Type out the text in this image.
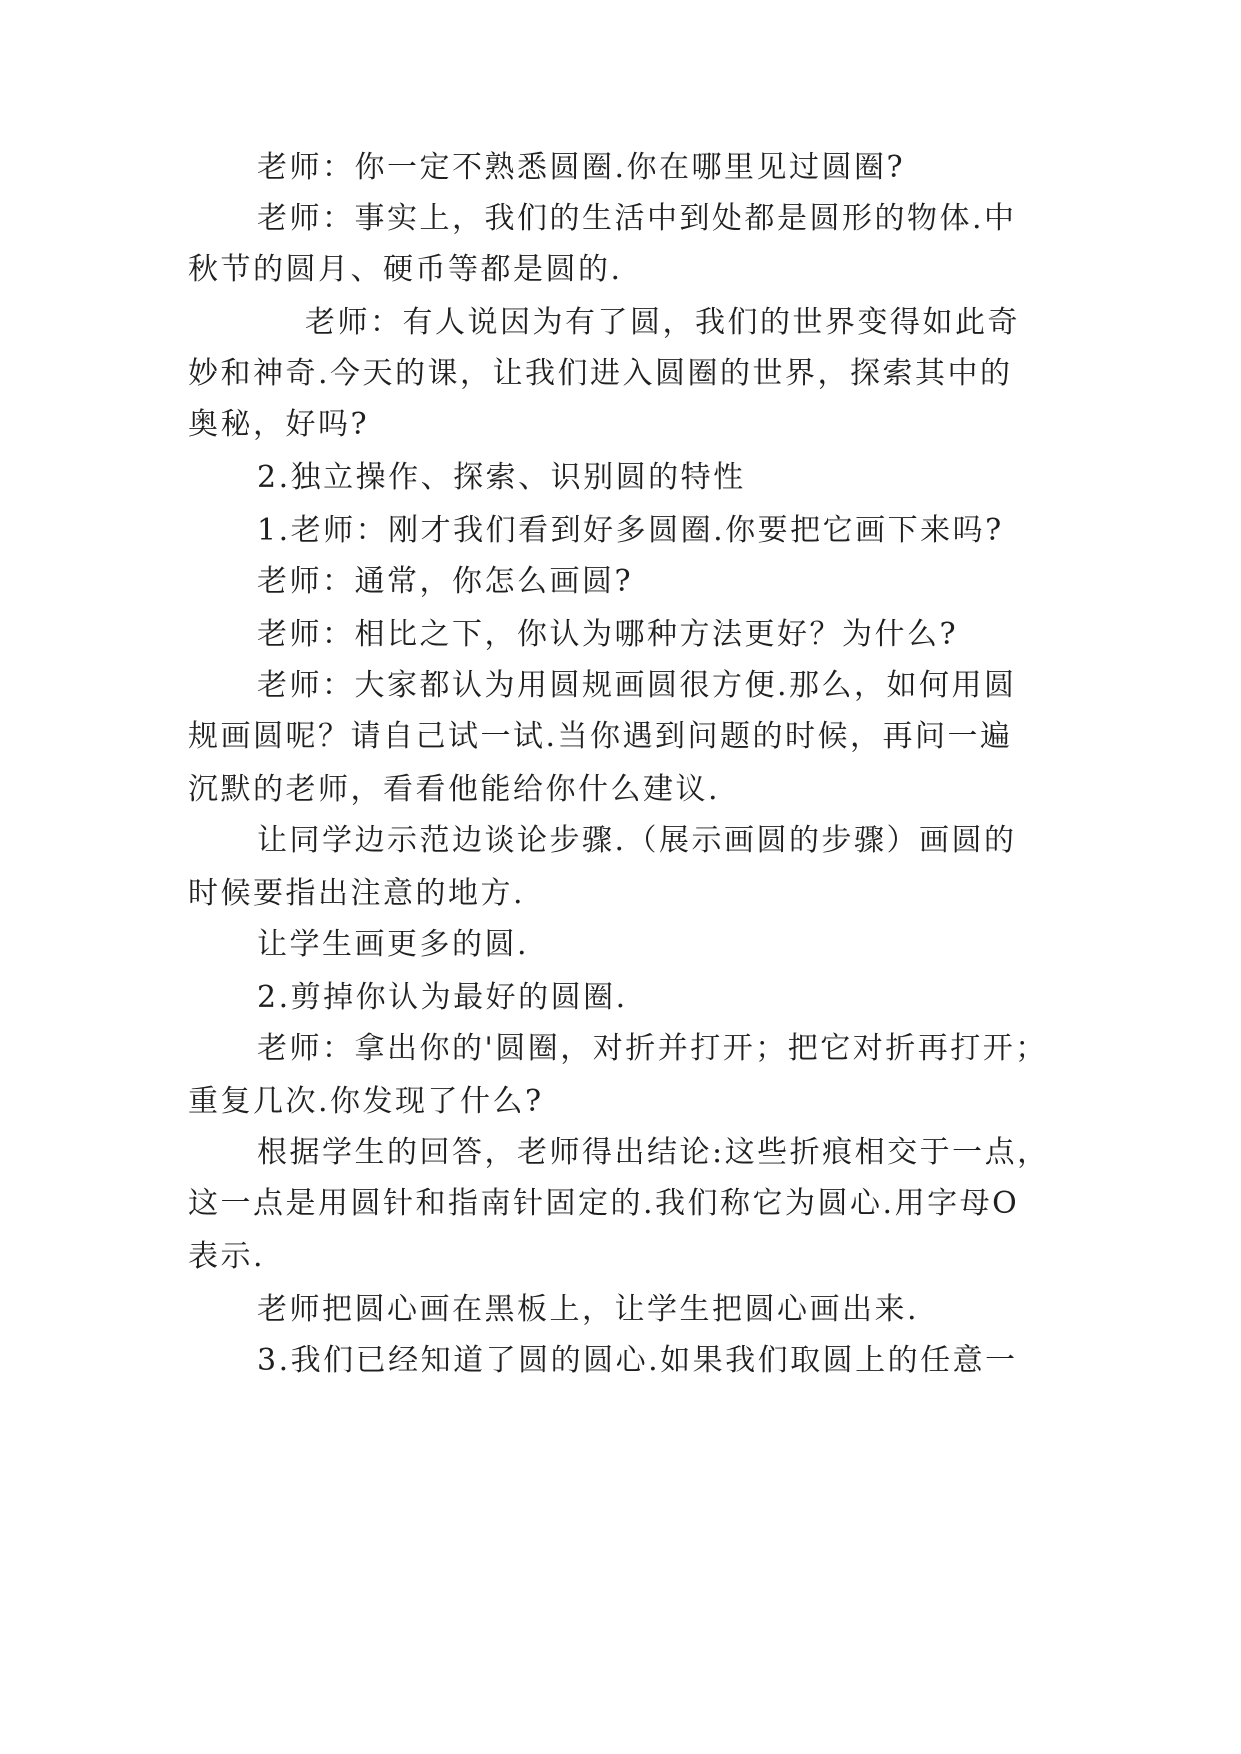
老师：你一定不熟悉圆圈.你在哪里见过圆圈?
老师：事实上，我们的生活中到处都是圆形的物体.中
秋节的圆月、硬币等都是圆的.
老师：有人说因为有了圆，我们的世界变得如此奇
妙和神奇.今天的课，让我们进入圆圈的世界，探索其中的
奥秘，好吗?
2.独立操作、探索、识别圆的特性
1.老师：刚才我们看到好多圆圈.你要把它画下来吗?
老师：通常，你怎么画圆?
老师：相比之下，你认为哪种方法更好？为什么?
老师：大家都认为用圆规画圆很方便.那么，如何用圆
规画圆呢？请自己试一试.当你遇到问题的时候，再问一遍
沉默的老师，看看他能给你什么建议.
让同学边示范边谈论步骤.（展示画圆的步骤）画圆的
时候要指出注意的地方.
让学生画更多的圆.
2.剪掉你认为最好的圆圈.
老师：拿出你的'圆圈，对折并打开；把它对折再打开；
重复几次.你发现了什么?
根据学生的回答，老师得出结论:这些折痕相交于一点，
这一点是用圆针和指南针固定的.我们称它为圆心.用字母O
表示.
老师把圆心画在黑板上，让学生把圆心画出来.
3.我们已经知道了圆的圆心.如果我们取圆上的任意一
